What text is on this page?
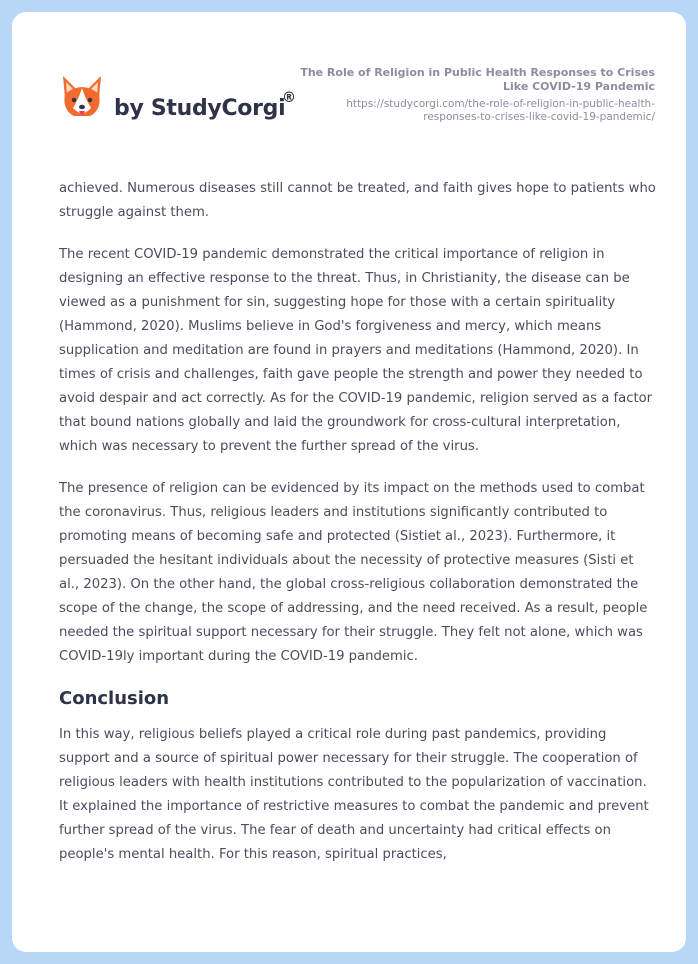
by StudyCorgi
®
The Role of Religion in Public Health Responses to Crises Like COVID-19 Pandemic
https://studycorgi.com/the-role-of-religion-in-public-health-responses-to-crises-like-covid-19-pandemic/

achieved. Numerous diseases still cannot be treated, and faith gives hope to patients who struggle against them.

The recent COVID-19 pandemic demonstrated the critical importance of religion in designing an effective response to the threat. Thus, in Christianity, the disease can be viewed as a punishment for sin, suggesting hope for those with a certain spirituality (Hammond, 2020). Muslims believe in God's forgiveness and mercy, which means supplication and meditation are found in prayers and meditations (Hammond, 2020). In times of crisis and challenges, faith gave people the strength and power they needed to avoid despair and act correctly. As for the COVID-19 pandemic, religion served as a factor that bound nations globally and laid the groundwork for cross-cultural interpretation, which was necessary to prevent the further spread of the virus.

The presence of religion can be evidenced by its impact on the methods used to combat the coronavirus. Thus, religious leaders and institutions significantly contributed to promoting means of becoming safe and protected (Sistiet al., 2023). Furthermore, it persuaded the hesitant individuals about the necessity of protective measures (Sisti et al., 2023). On the other hand, the global cross-religious collaboration demonstrated the scope of the change, the scope of addressing, and the need received. As a result, people needed the spiritual support necessary for their struggle. They felt not alone, which was COVID-19ly important during the COVID-19 pandemic.

Conclusion

In this way, religious beliefs played a critical role during past pandemics, providing support and a source of spiritual power necessary for their struggle. The cooperation of religious leaders with health institutions contributed to the popularization of vaccination. It explained the importance of restrictive measures to combat the pandemic and prevent further spread of the virus. The fear of death and uncertainty had critical effects on people's mental health. For this reason, spiritual practices,
